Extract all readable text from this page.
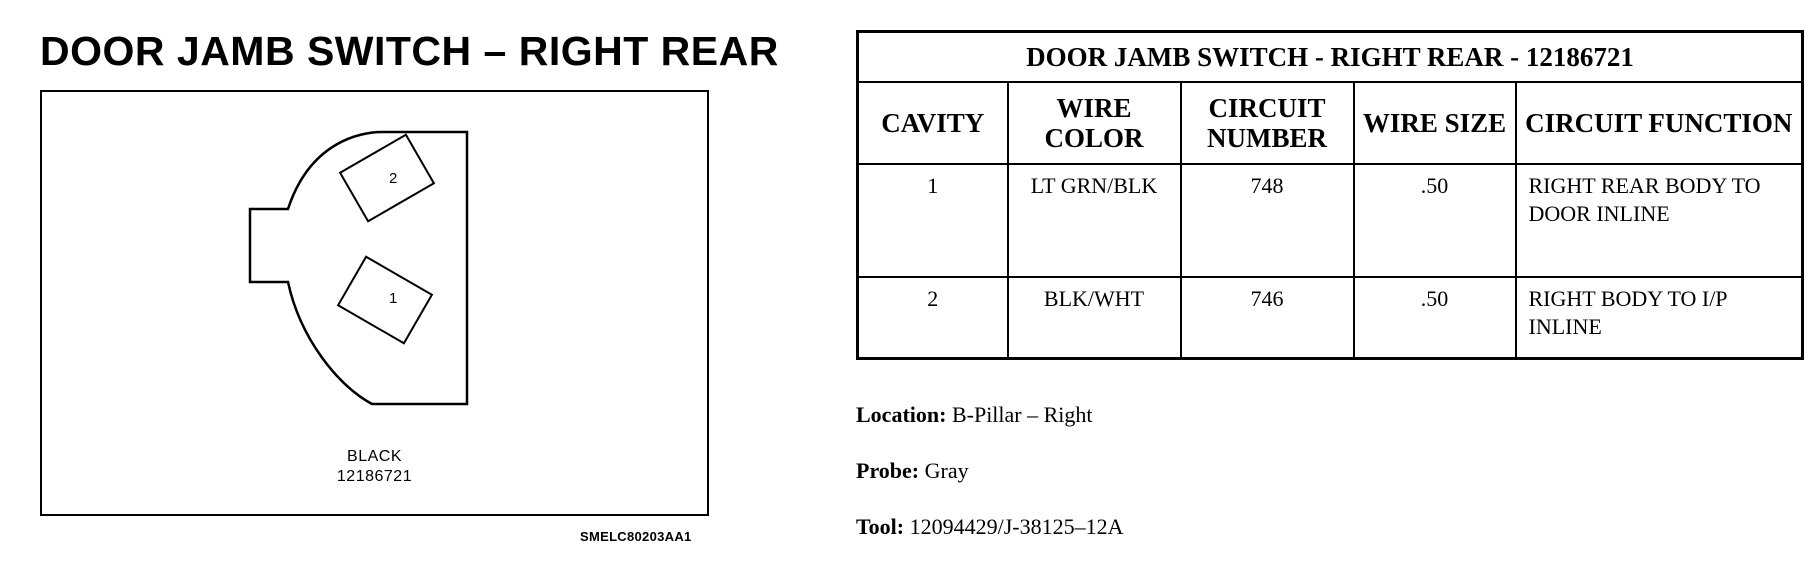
DOOR JAMB SWITCH – RIGHT REAR
2
1
BLACK
12186721
SMELC80203AA1
DOOR JAMB SWITCH - RIGHT REAR - 12186721				
CAVITY	WIRE COLOR	CIRCUIT NUMBER	WIRE SIZE	CIRCUIT FUNCTION
1	LT GRN/BLK	748	.50	RIGHT REAR BODY TO DOOR INLINE
2	BLK/WHT	746	.50	RIGHT BODY TO I/P INLINE
Location: B-Pillar – Right
Probe: Gray
Tool: 12094429/J-38125–12A
